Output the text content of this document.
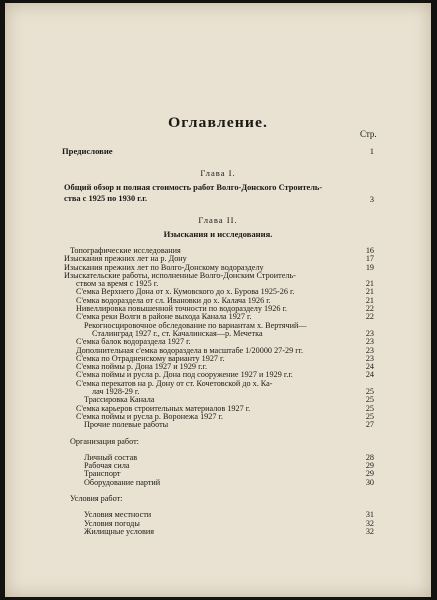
Оглавление.
Стр.
Предисловие	1
Глава I.
Общий обзор и полная стоимость работ Волго-Донского Строитель-
ства с 1925 по 1930 г.г.	3
Глава II.
Изыскания и исследования.
Топографические исследования	16
Изыскания прежних лет на р. Дону	17
Изыскания прежних лет по Волго-Донскому водоразделу	19
Изыскательские работы, исполненные Волго-Донским Строитель-
ством за время с 1925 г.	21
С'емка Верхнего Дона от х. Кумовского до х. Бурова 1925-26 г.	21
С'емка водораздела от сл. Ивановки до х. Калача 1926 г.	21
Нивеллировка повышенной точности по водоразделу 1926 г.	22
С'емка реки Волги в районе выхода Канала 1927 г.	22
Рекогносцировочное обследование по вариантам х. Вертячий—
Сталинград 1927 г., ст. Качалинская—р. Мечетка	23
С'емка балок водораздела 1927 г.	23
Дополнительная с'емка водораздела в масштабе 1/20000 27-29 гг.	23
С'емка по Отрадненскому варианту 1927 г.	23
С'емка поймы р. Дона 1927 и 1929 г.г.	24
С'емка поймы и русла р. Дона под сооружение 1927 и 1929 г.г.	24
С'емка перекатов на р. Дону от ст. Кочетовской до х. Ка-
лач 1928-29 г.	25
Трассировка Канала	25
С'емка карьеров строительных материалов 1927 г.	25
С'емка поймы и русла р. Воронежа 1927 г.	25
Прочие полевые работы	27
Организация работ:
Личный состав	28
Рабочая сила	29
Транспорт	29
Оборудование партий	30
Условия работ:
Условия местности	31
Условия погоды	32
Жилищные условия	32
